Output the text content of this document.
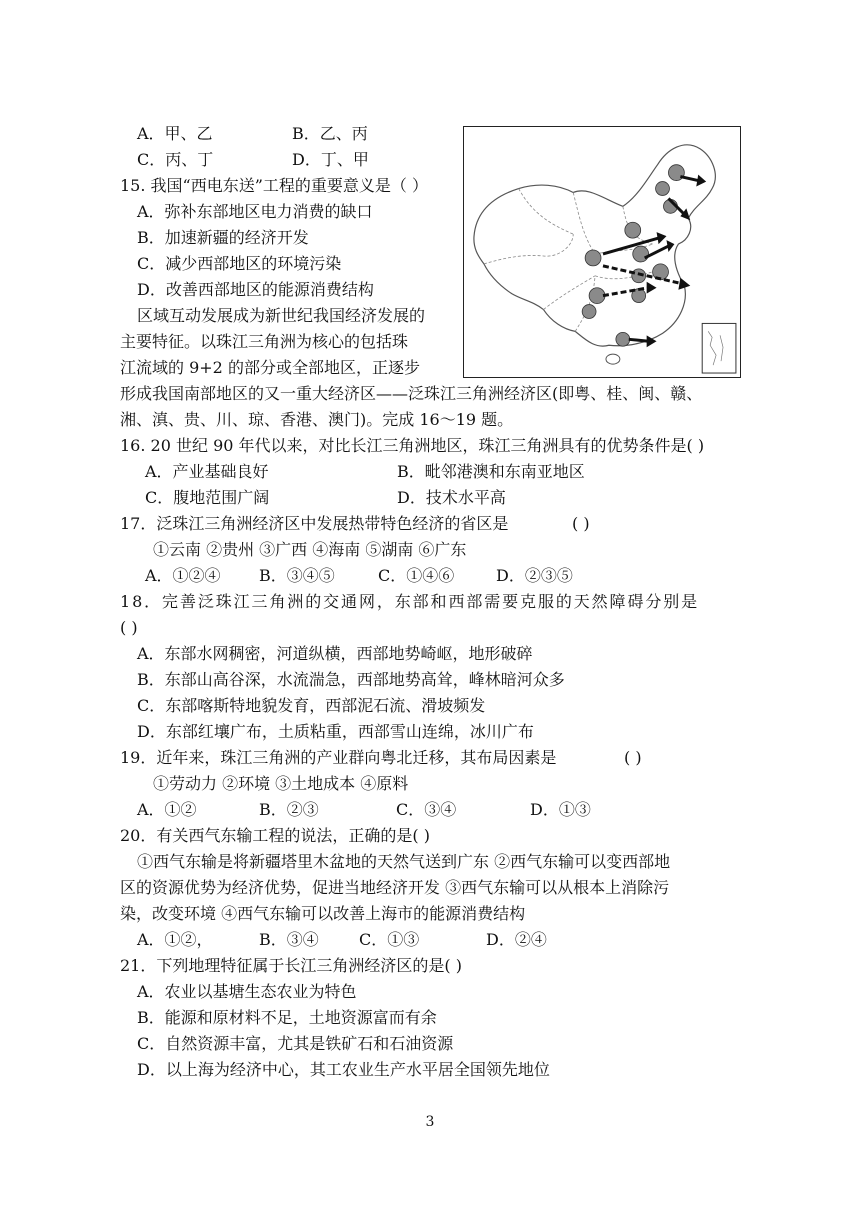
A．甲、乙	B．乙、丙
C．丙、丁	D．丁、甲
15. 我国“西电东送”工程的重要意义是（ ）
A．弥补东部地区电力消费的缺口
B．加速新疆的经济开发
C．减少西部地区的环境污染
D．改善西部地区的能源消费结构
区域互动发展成为新世纪我国经济发展的
主要特征。以珠江三角洲为核心的包括珠
江流域的 9+2 的部分或全部地区，正逐步
形成我国南部地区的又一重大经济区——泛珠江三角洲经济区(即粤、桂、闽、赣、
湘、滇、贵、川、琼、香港、澳门)。完成 16～19 题。
16. 20 世纪 90 年代以来，对比长江三角洲地区，珠江三角洲具有的优势条件是( )
A．产业基础良好	B．毗邻港澳和东南亚地区
C．腹地范围广阔	D．技术水平高
17．泛珠江三角洲经济区中发展热带特色经济的省区是	( )
①云南 ②贵州 ③广西 ④海南 ⑤湖南 ⑥广东
A．①②④ B．③④⑤	C．①④⑥	D．②③⑤
18．完善泛珠江三角洲的交通网，东部和西部需要克服的天然障碍分别是
( )
A．东部水网稠密，河道纵横，西部地势崎岖，地形破碎
B．东部山高谷深，水流湍急，西部地势高耸，峰林暗河众多
C．东部喀斯特地貌发育，西部泥石流、滑坡频发
D．东部红壤广布，土质粘重，西部雪山连绵，冰川广布
19．近年来，珠江三角洲的产业群向粤北迁移，其布局因素是	( )
①劳动力 ②环境 ③土地成本 ④原料
A．①②	B．②③	C．③④	D．①③
20．有关西气东输工程的说法，正确的是( )
①西气东输是将新疆塔里木盆地的天然气送到广东 ②西气东输可以变西部地
区的资源优势为经济优势，促进当地经济开发 ③西气东输可以从根本上消除污
染，改变环境 ④西气东输可以改善上海市的能源消费结构
A．①②，	B．③④	C．①③	D．②④
21．下列地理特征属于长江三角洲经济区的是( )
A．农业以基塘生态农业为特色
B．能源和原材料不足，土地资源富而有余
C．自然资源丰富，尤其是铁矿石和石油资源
D．以上海为经济中心，其工农业生产水平居全国领先地位
3
